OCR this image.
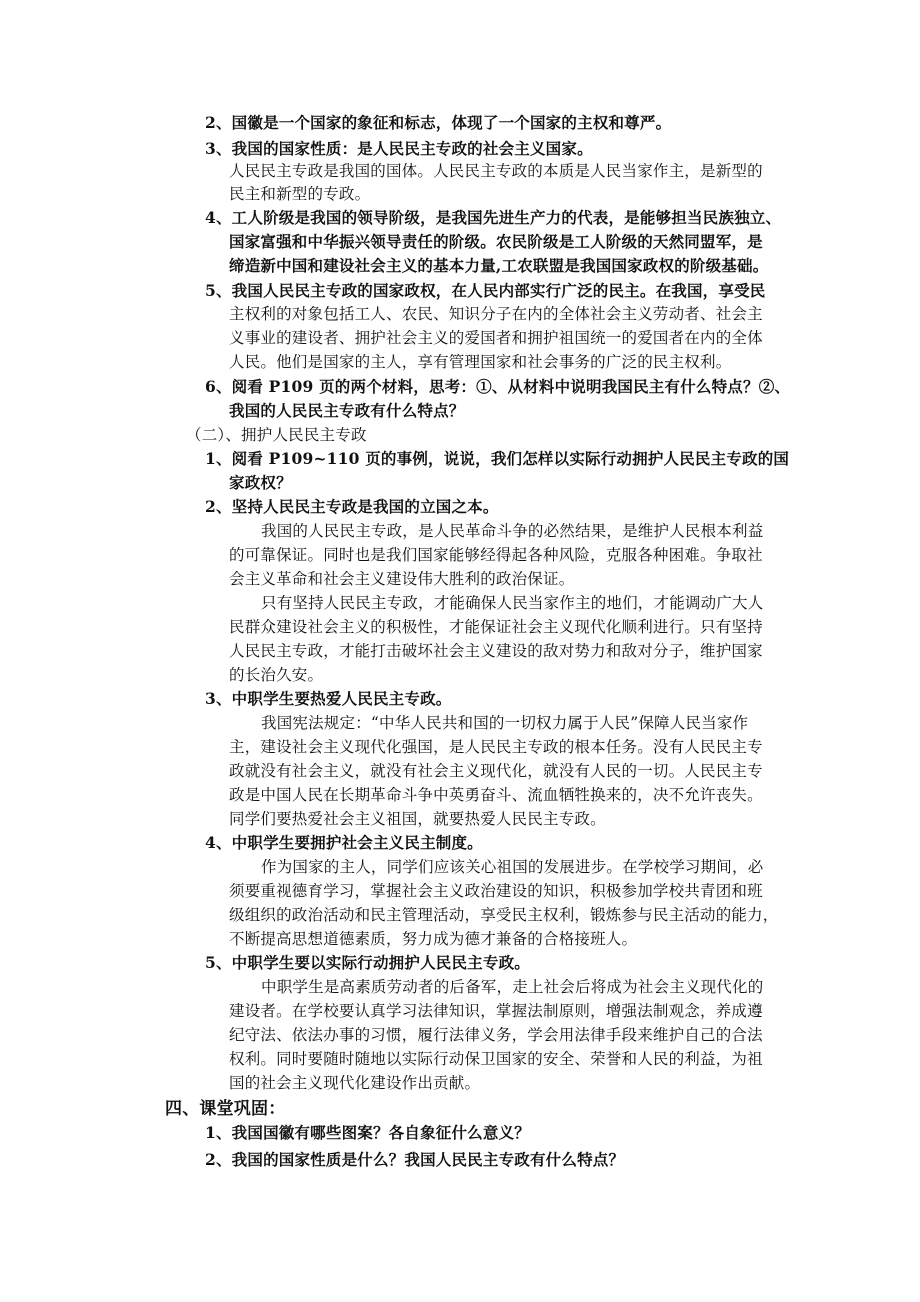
2、国徽是一个国家的象征和标志，体现了一个国家的主权和尊严。
3、我国的国家性质：是人民民主专政的社会主义国家。
人民民主专政是我国的国体。人民民主专政的本质是人民当家作主，是新型的
民主和新型的专政。
4、工人阶级是我国的领导阶级，是我国先进生产力的代表，是能够担当民族独立、
国家富强和中华振兴领导责任的阶级。农民阶级是工人阶级的天然同盟军，是
缔造新中国和建设社会主义的基本力量,工农联盟是我国国家政权的阶级基础。
5、我国人民民主专政的国家政权，在人民内部实行广泛的民主。在我国，享受民
主权利的对象包括工人、农民、知识分子在内的全体社会主义劳动者、社会主
义事业的建设者、拥护社会主义的爱国者和拥护祖国统一的爱国者在内的全体
人民。他们是国家的主人，享有管理国家和社会事务的广泛的民主权利。
6、阅看 P109 页的两个材料，思考：①、从材料中说明我国民主有什么特点？②、
我国的人民民主专政有什么特点？
（二）、拥护人民民主专政
1、阅看 P109~110 页的事例，说说，我们怎样以实际行动拥护人民民主专政的国
家政权？
2、坚持人民民主专政是我国的立国之本。
我国的人民民主专政，是人民革命斗争的必然结果，是维护人民根本利益
的可靠保证。同时也是我们国家能够经得起各种风险，克服各种困难。争取社
会主义革命和社会主义建设伟大胜利的政治保证。
只有坚持人民民主专政，才能确保人民当家作主的地们，才能调动广大人
民群众建设社会主义的积极性，才能保证社会主义现代化顺利进行。只有坚持
人民民主专政，才能打击破坏社会主义建设的敌对势力和敌对分子，维护国家
的长治久安。
3、中职学生要热爱人民民主专政。
我国宪法规定：“中华人民共和国的一切权力属于人民”保障人民当家作
主，建设社会主义现代化强国，是人民民主专政的根本任务。没有人民民主专
政就没有社会主义，就没有社会主义现代化，就没有人民的一切。人民民主专
政是中国人民在长期革命斗争中英勇奋斗、流血牺牲换来的，决不允许丧失。
同学们要热爱社会主义祖国，就要热爱人民民主专政。
4、中职学生要拥护社会主义民主制度。
作为国家的主人，同学们应该关心祖国的发展进步。在学校学习期间，必
须要重视德育学习，掌握社会主义政治建设的知识，积极参加学校共青团和班
级组织的政治活动和民主管理活动，享受民主权利，锻炼参与民主活动的能力，
不断提高思想道德素质，努力成为德才兼备的合格接班人。
5、中职学生要以实际行动拥护人民民主专政。
中职学生是高素质劳动者的后备军，走上社会后将成为社会主义现代化的
建设者。在学校要认真学习法律知识，掌握法制原则，增强法制观念，养成遵
纪守法、依法办事的习惯，履行法律义务，学会用法律手段来维护自己的合法
权利。同时要随时随地以实际行动保卫国家的安全、荣誉和人民的利益，为祖
国的社会主义现代化建设作出贡献。
四、课堂巩固：
1、我国国徽有哪些图案？各自象征什么意义？
2、我国的国家性质是什么？我国人民民主专政有什么特点？
